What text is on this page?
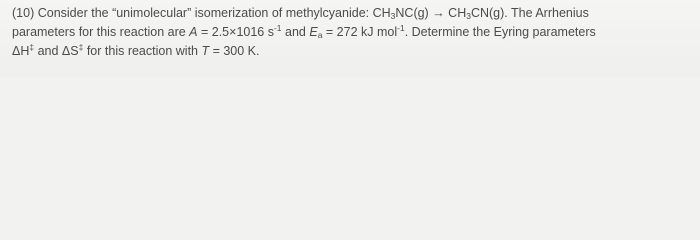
(10) Consider the “unimolecular” isomerization of methylcyanide: $CH_3NC(g) \to CH_3CN(g)$. The Arrhenius
parameters for this reaction are A = 2.5×1016 $s^{-1}$ and $E_a = 272$ kJ mol$^{-1}$. Determine the Eyring parameters
ΔH‡ and ΔS‡ for this reaction with T = 300 K.
